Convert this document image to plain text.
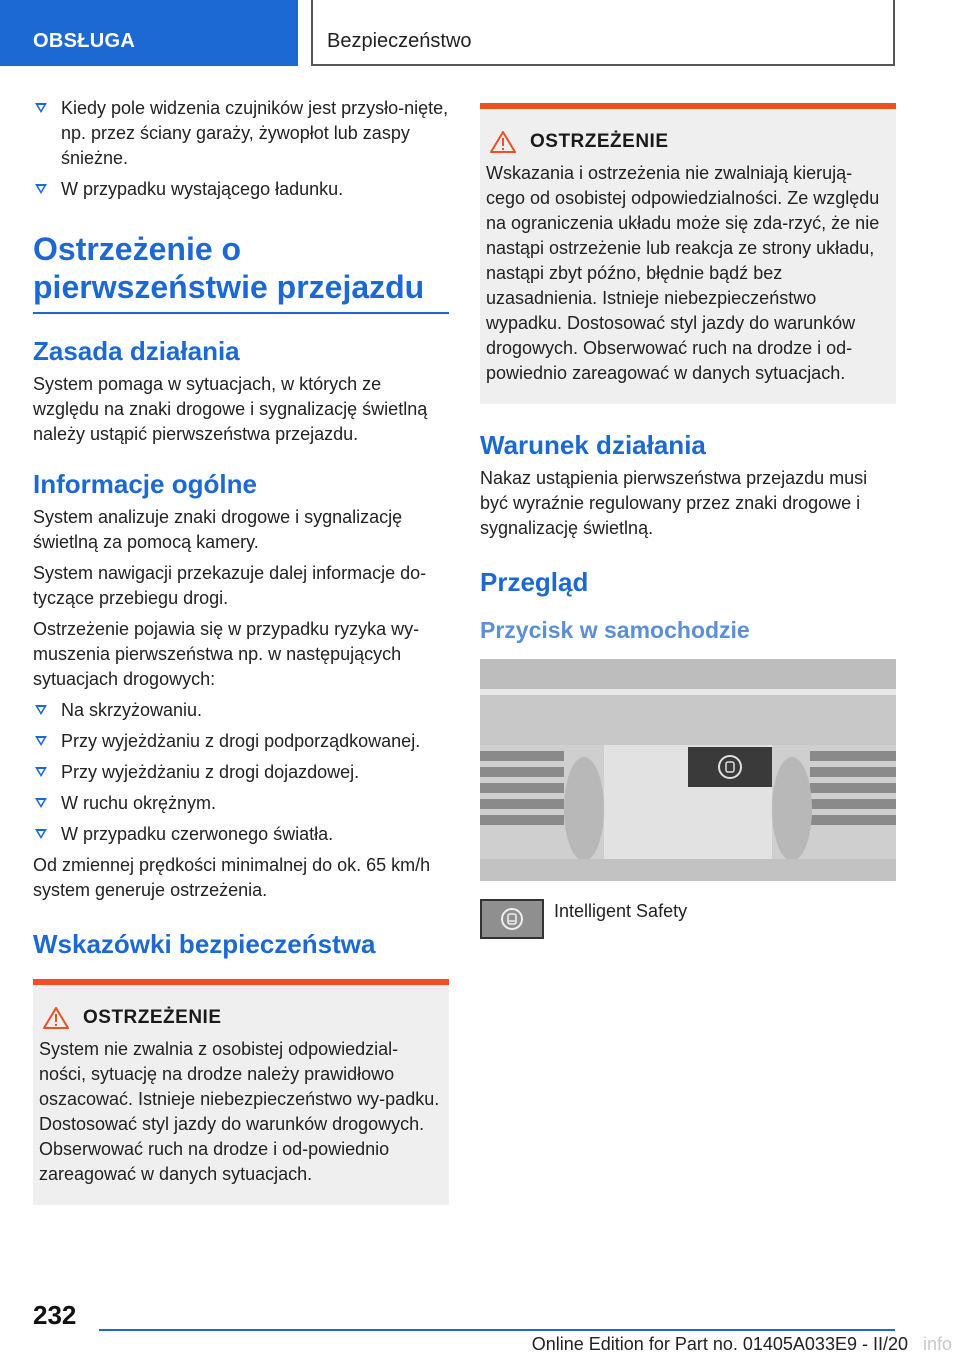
OBSŁUGA	Bezpieczeństwo
Kiedy pole widzenia czujników jest przysło-nięte, np. przez ściany garaży, żywopłot lub zaspy śnieżne.
W przypadku wystającego ładunku.
Ostrzeżenie o pierwszeństwie przejazdu
Zasada działania

System pomaga w sytuacjach, w których ze względu na znaki drogowe i sygnalizację świetlną należy ustąpić pierwszeństwa przejazdu.

Informacje ogólne

System analizuje znaki drogowe i sygnalizację świetlną za pomocą kamery.

System nawigacji przekazuje dalej informacje do-tyczące przebiegu drogi.

Ostrzeżenie pojawia się w przypadku ryzyka wy-muszenia pierwszeństwa np. w następujących sytuacjach drogowych:

Na skrzyżowaniu.
Przy wyjeżdżaniu z drogi podporządkowanej.
Przy wyjeżdżaniu z drogi dojazdowej.
W ruchu okrężnym.
W przypadku czerwonego światła.

Od zmiennej prędkości minimalnej do ok. 65 km/h system generuje ostrzeżenia.

Wskazówki bezpieczeństwa
OSTRZEŻENIE

System nie zwalnia z osobistej odpowiedzial-ności, sytuację na drodze należy prawidłowo oszacować. Istnieje niebezpieczeństwo wy-padku. Dostosować styl jazdy do warunków drogowych. Obserwować ruch na drodze i od-powiednio zareagować w danych sytuacjach.

OSTRZEŻENIE

Wskazania i ostrzeżenia nie zwalniają kierują-cego od osobistej odpowiedzialności. Ze względu na ograniczenia układu może się zda-rzyć, że nie nastąpi ostrzeżenie lub reakcja ze strony układu, nastąpi zbyt późno, błędnie bądź bez uzasadnienia. Istnieje niebezpieczeństwo wypadku. Dostosować styl jazdy do warunków drogowych. Obserwować ruch na drodze i od-powiednio zareagować w danych sytuacjach.

Warunek działania

Nakaz ustąpienia pierwszeństwa przejazdu musi być wyraźnie regulowany przez znaki drogowe i sygnalizację świetlną.

Przegląd
Przycisk w samochodzie
Intelligent Safety
232
Online Edition for Part no. 01405A033E9 - II/20 info
